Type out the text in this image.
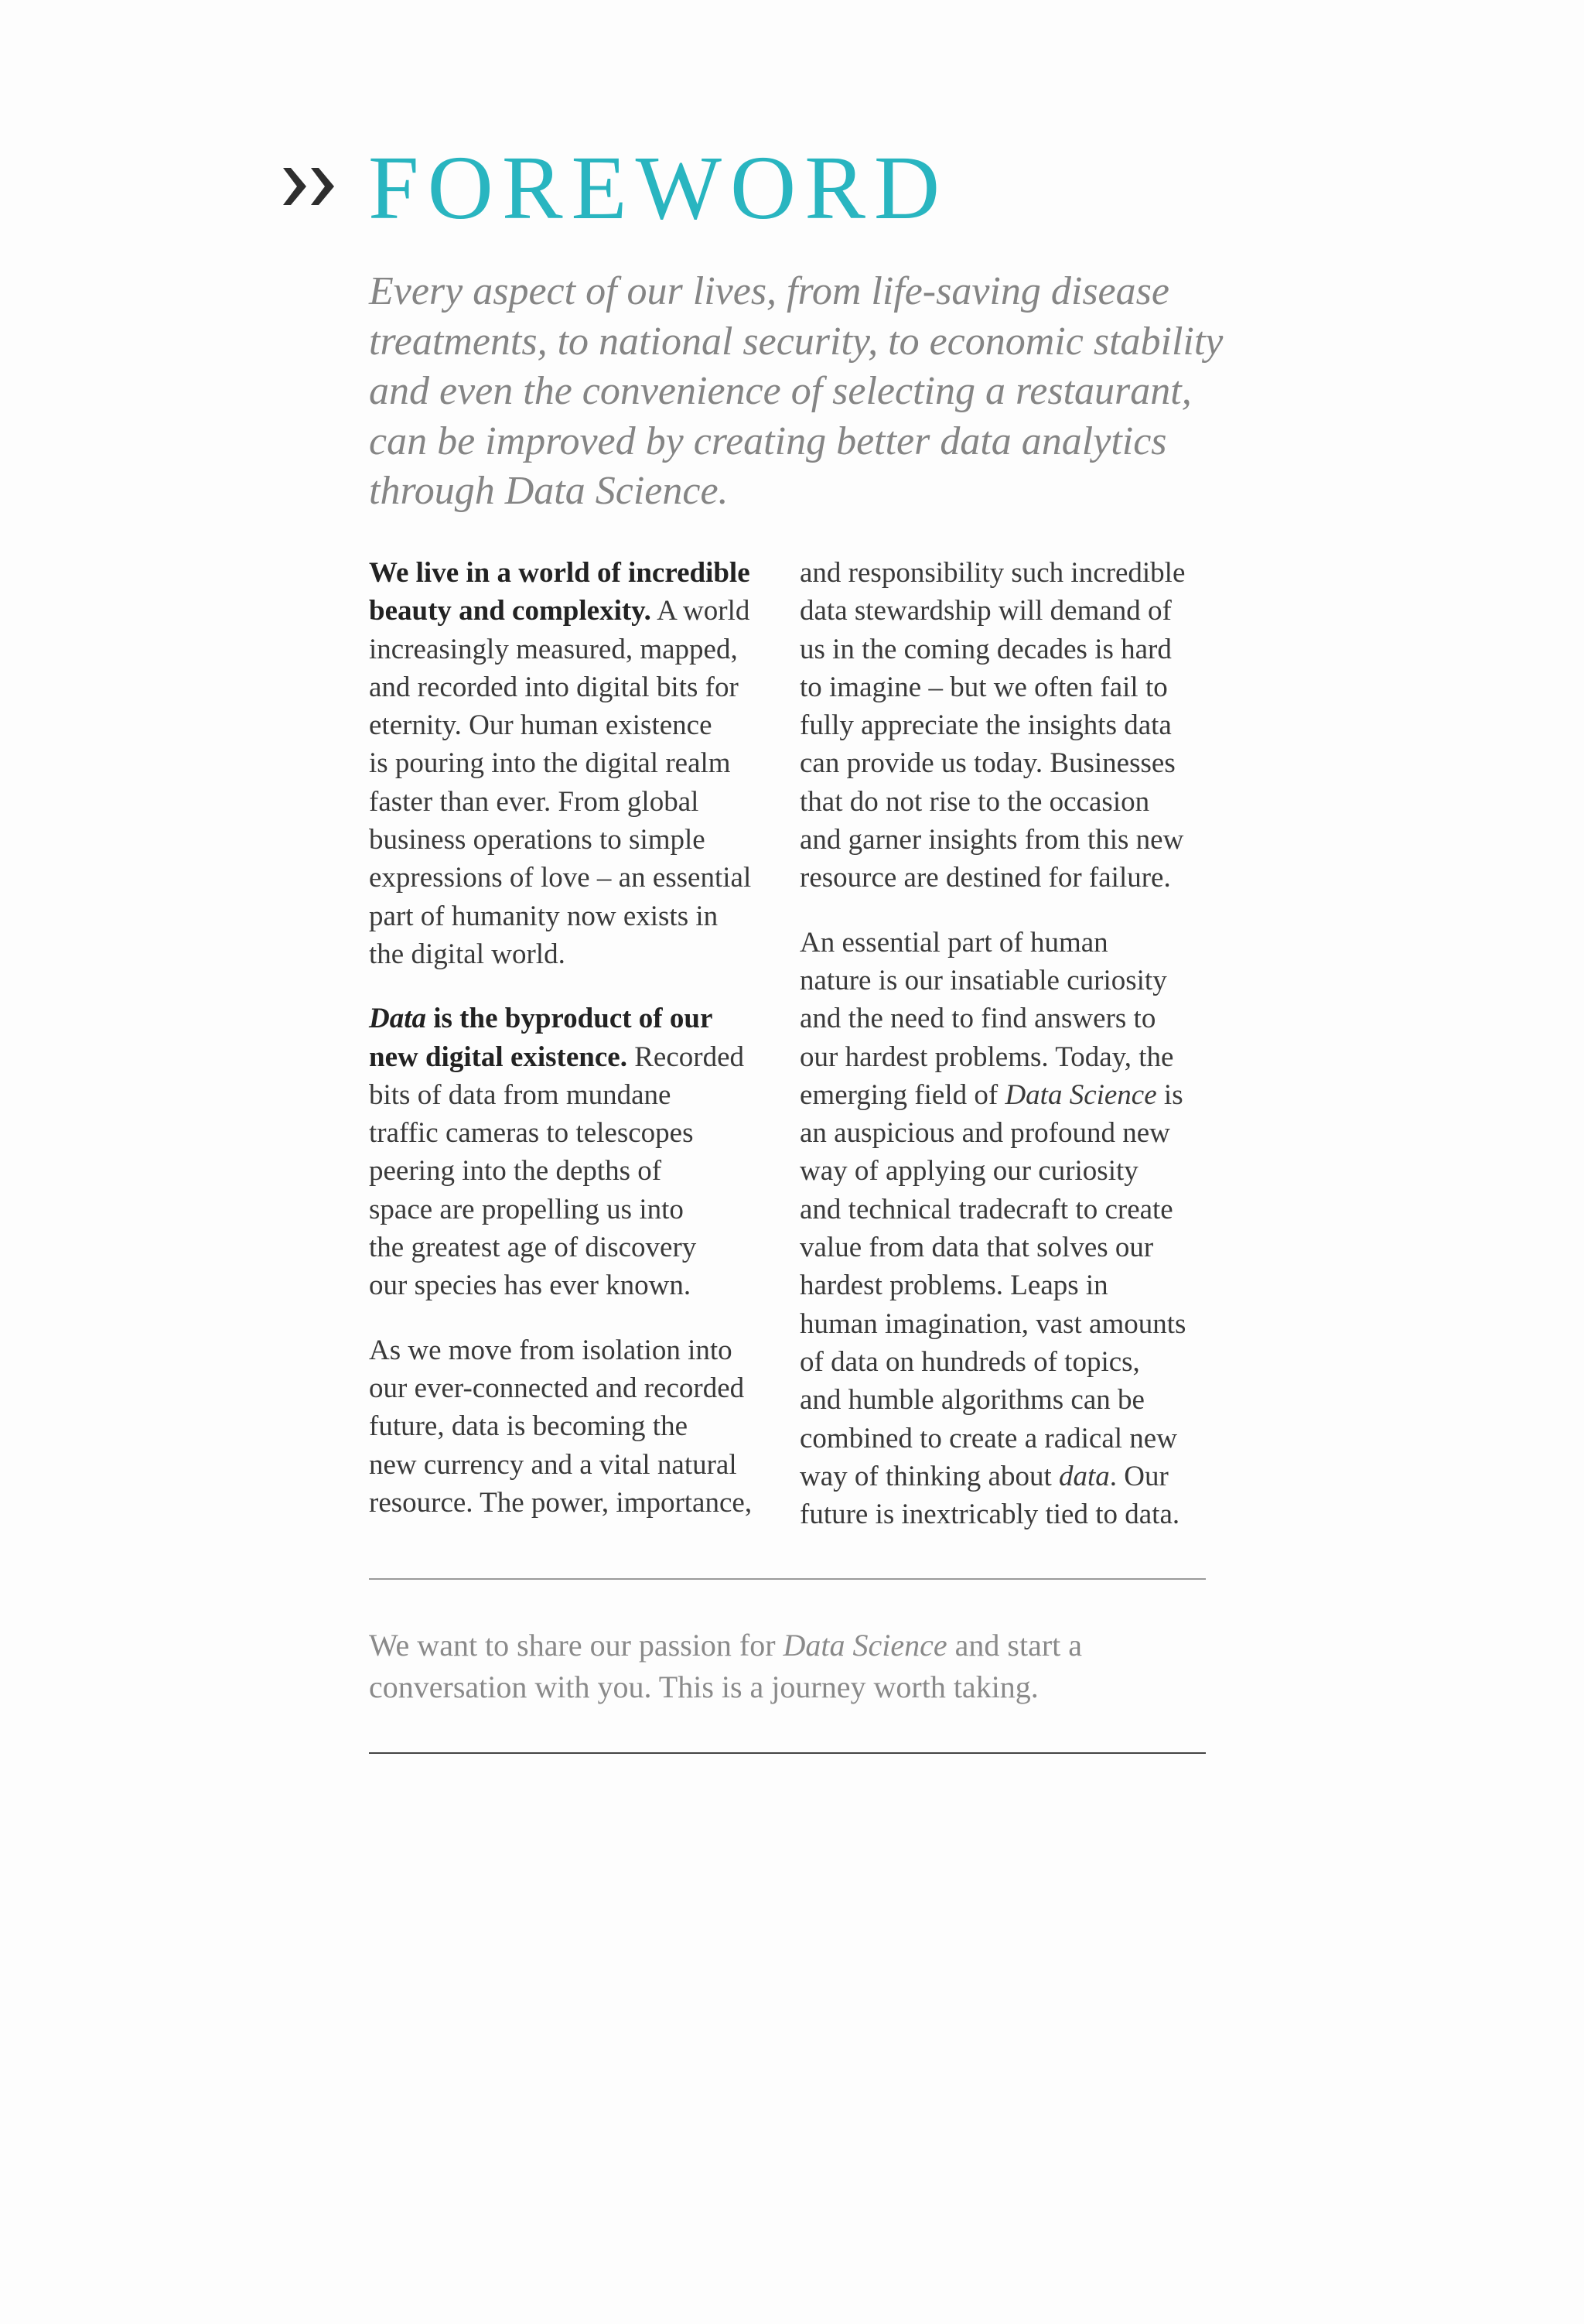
FOREWORD

Every aspect of our lives, from life-saving disease
treatments, to national security, to economic stability
and even the convenience of selecting a restaurant,
can be improved by creating better data analytics
through Data Science.

We live in a world of incredible
beauty and complexity. A world
increasingly measured, mapped,
and recorded into digital bits for
eternity. Our human existence
is pouring into the digital realm
faster than ever. From global
business operations to simple
expressions of love – an essential
part of humanity now exists in
the digital world.

Data is the byproduct of our
new digital existence. Recorded
bits of data from mundane
traffic cameras to telescopes
peering into the depths of
space are propelling us into
the greatest age of discovery
our species has ever known.

As we move from isolation into
our ever-connected and recorded
future, data is becoming the
new currency and a vital natural
resource. The power, importance,

and responsibility such incredible
data stewardship will demand of
us in the coming decades is hard
to imagine – but we often fail to
fully appreciate the insights data
can provide us today. Businesses
that do not rise to the occasion
and garner insights from this new
resource are destined for failure.

An essential part of human
nature is our insatiable curiosity
and the need to find answers to
our hardest problems. Today, the
emerging field of Data Science is
an auspicious and profound new
way of applying our curiosity
and technical tradecraft to create
value from data that solves our
hardest problems. Leaps in
human imagination, vast amounts
of data on hundreds of topics,
and humble algorithms can be
combined to create a radical new
way of thinking about data. Our
future is inextricably tied to data.

We want to share our passion for Data Science and start a
conversation with you. This is a journey worth taking.
